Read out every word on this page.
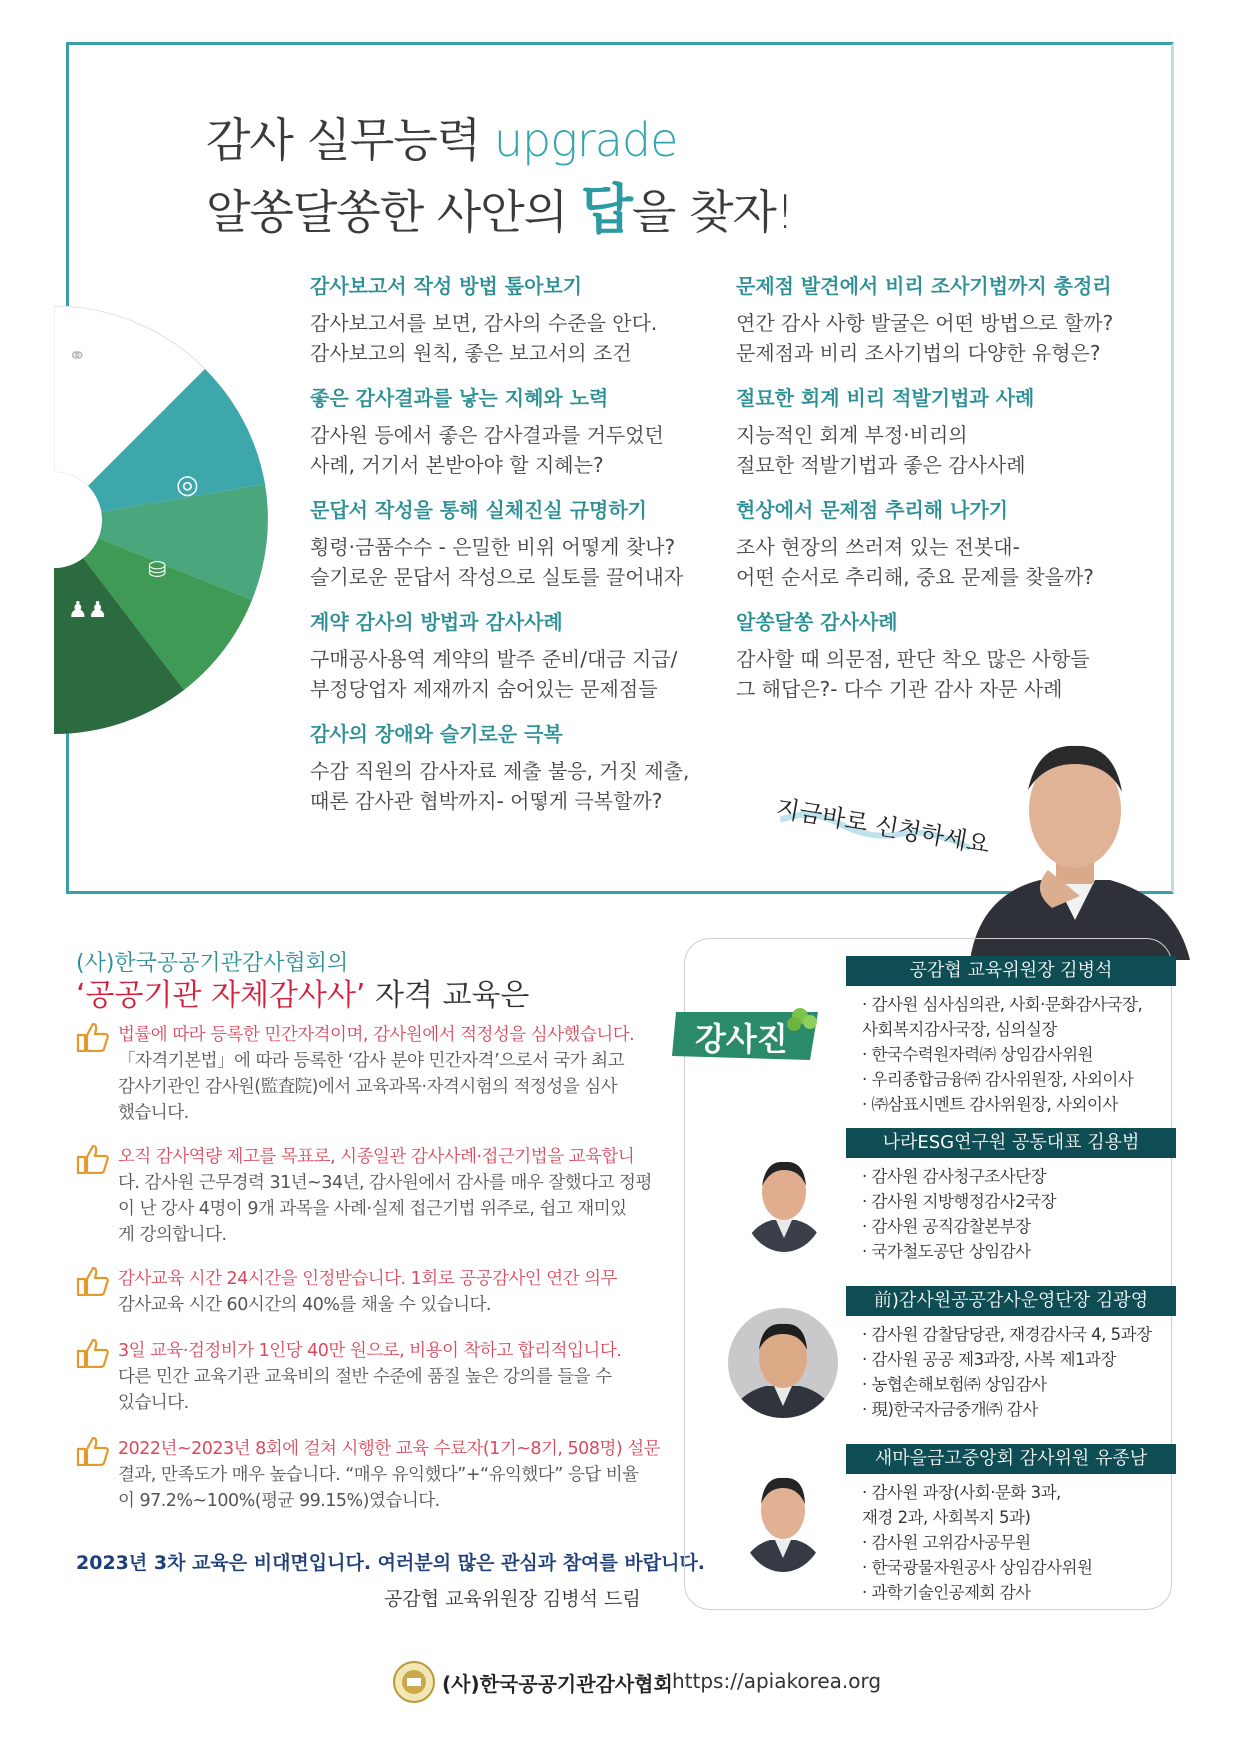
감사 실무능력 upgrade
알쏭달쏭한 사안의 답을 찾자!
⚭
▤
◎
⛁
♟♟
감사보고서 작성 방법 톺아보기
감사보고서를 보면, 감사의 수준을 안다.
감사보고의 원칙, 좋은 보고서의 조건
좋은 감사결과를 낳는 지혜와 노력
감사원 등에서 좋은 감사결과를 거두었던
사례, 거기서 본받아야 할 지혜는?
문답서 작성을 통해 실체진실 규명하기
횡령·금품수수 - 은밀한 비위 어떻게 찾나?
슬기로운 문답서 작성으로 실토를 끌어내자
계약 감사의 방법과 감사사례
구매공사용역 계약의 발주 준비/대금 지급/
부정당업자 제재까지 숨어있는 문제점들
감사의 장애와 슬기로운 극복
수감 직원의 감사자료 제출 불응, 거짓 제출,
때론 감사관 협박까지- 어떻게 극복할까?
문제점 발견에서 비리 조사기법까지 총정리
연간 감사 사항 발굴은 어떤 방법으로 할까?
문제점과 비리 조사기법의 다양한 유형은?
절묘한 회계 비리 적발기법과 사례
지능적인 회계 부정·비리의
절묘한 적발기법과 좋은 감사사례
현상에서 문제점 추리해 나가기
조사 현장의 쓰러져 있는 전봇대-
어떤 순서로 추리해, 중요 문제를 찾을까?
알쏭달쏭 감사사례
감사할 때 의문점, 판단 착오 많은 사항들
그 해답은?- 다수 기관 감사 자문 사례
지금바로 신청하세요
(사)한국공공기관감사협회의
‘공공기관 자체감사사’ 자격 교육은
법률에 따라 등록한 민간자격이며, 감사원에서 적정성을 심사했습니다.
「자격기본법」에 따라 등록한 ‘감사 분야 민간자격’으로서 국가 최고
감사기관인 감사원(監査院)에서 교육과목·자격시험의 적정성을 심사
했습니다.
오직 감사역량 제고를 목표로, 시종일관 감사사례·접근기법을 교육합니
다. 감사원 근무경력 31년~34년, 감사원에서 감사를 매우 잘했다고 정평
이 난 강사 4명이 9개 과목을 사례·실제 접근기법 위주로, 쉽고 재미있
게 강의합니다.
감사교육 시간 24시간을 인정받습니다. 1회로 공공감사인 연간 의무
감사교육 시간 60시간의 40%를 채울 수 있습니다.
3일 교육·검정비가 1인당 40만 원으로, 비용이 착하고 합리적입니다.
다른 민간 교육기관 교육비의 절반 수준에 품질 높은 강의를 들을 수
있습니다.
2022년~2023년 8회에 걸쳐 시행한 교육 수료자(1기~8기, 508명) 설문
결과, 만족도가 매우 높습니다. “매우 유익했다”+“유익했다” 응답 비율
이 97.2%~100%(평균 99.15%)였습니다.
2023년 3차 교육은 비대면입니다. 여러분의 많은 관심과 참여를 바랍니다.
공감협 교육위원장 김병석 드림
강사진
공감협 교육위원장 김병석
· 감사원 심사심의관, 사회·문화감사국장,
사회복지감사국장, 심의실장
· 한국수력원자력㈜ 상임감사위원
· 우리종합금융㈜ 감사위원장, 사외이사
· ㈜삼표시멘트 감사위원장, 사외이사
나라ESG연구원 공동대표 김용범
· 감사원 감사청구조사단장
· 감사원 지방행정감사2국장
· 감사원 공직감찰본부장
· 국가철도공단 상임감사
前)감사원공공감사운영단장 김광영
· 감사원 감찰담당관, 재경감사국 4, 5과장
· 감사원 공공 제3과장, 사복 제1과장
· 농협손해보험㈜ 상임감사
· 現)한국자금중개㈜ 감사
새마을금고중앙회 감사위원 유종남
· 감사원 과장(사회·문화 3과,
재경 2과, 사회복지 5과)
· 감사원 고위감사공무원
· 한국광물자원공사 상임감사위원
· 과학기술인공제회 감사
(사)한국공공기관감사협회 https://apiakorea.org
